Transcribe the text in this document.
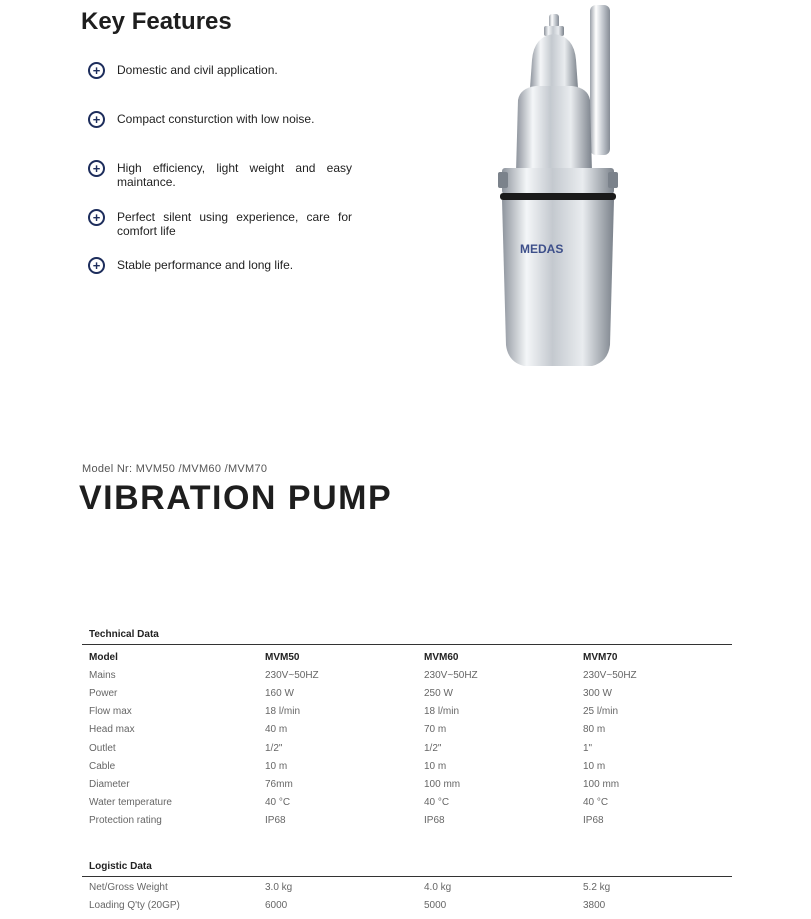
Key Features
+	Domestic and civil application.
+	Compact consturction with low noise.
+	High efficiency, light weight and easy maintance.
+	Perfect silent using experience, care for comfort life
+	Stable performance and long life.
MEDAS
Model Nr: MVM50 /MVM60 /MVM70
VIBRATION PUMP
Technical Data
Model	MVM50	MVM60	MVM70
Mains	230V~50HZ	230V~50HZ	230V~50HZ
Power	160 W	250 W	300 W
Flow max	18 l/min	18 l/min	25 l/min
Head max	40 m	70 m	80 m
Outlet	1/2"	1/2"	1"
Cable	10 m	10 m	10 m
Diameter	76mm	100 mm	100 mm
Water temperature	40 °C	40 °C	40 °C
Protection rating	IP68	IP68	IP68
Logistic Data
Net/Gross Weight	3.0 kg	4.0 kg	5.2 kg
Loading Q'ty (20GP)	6000	5000	3800
